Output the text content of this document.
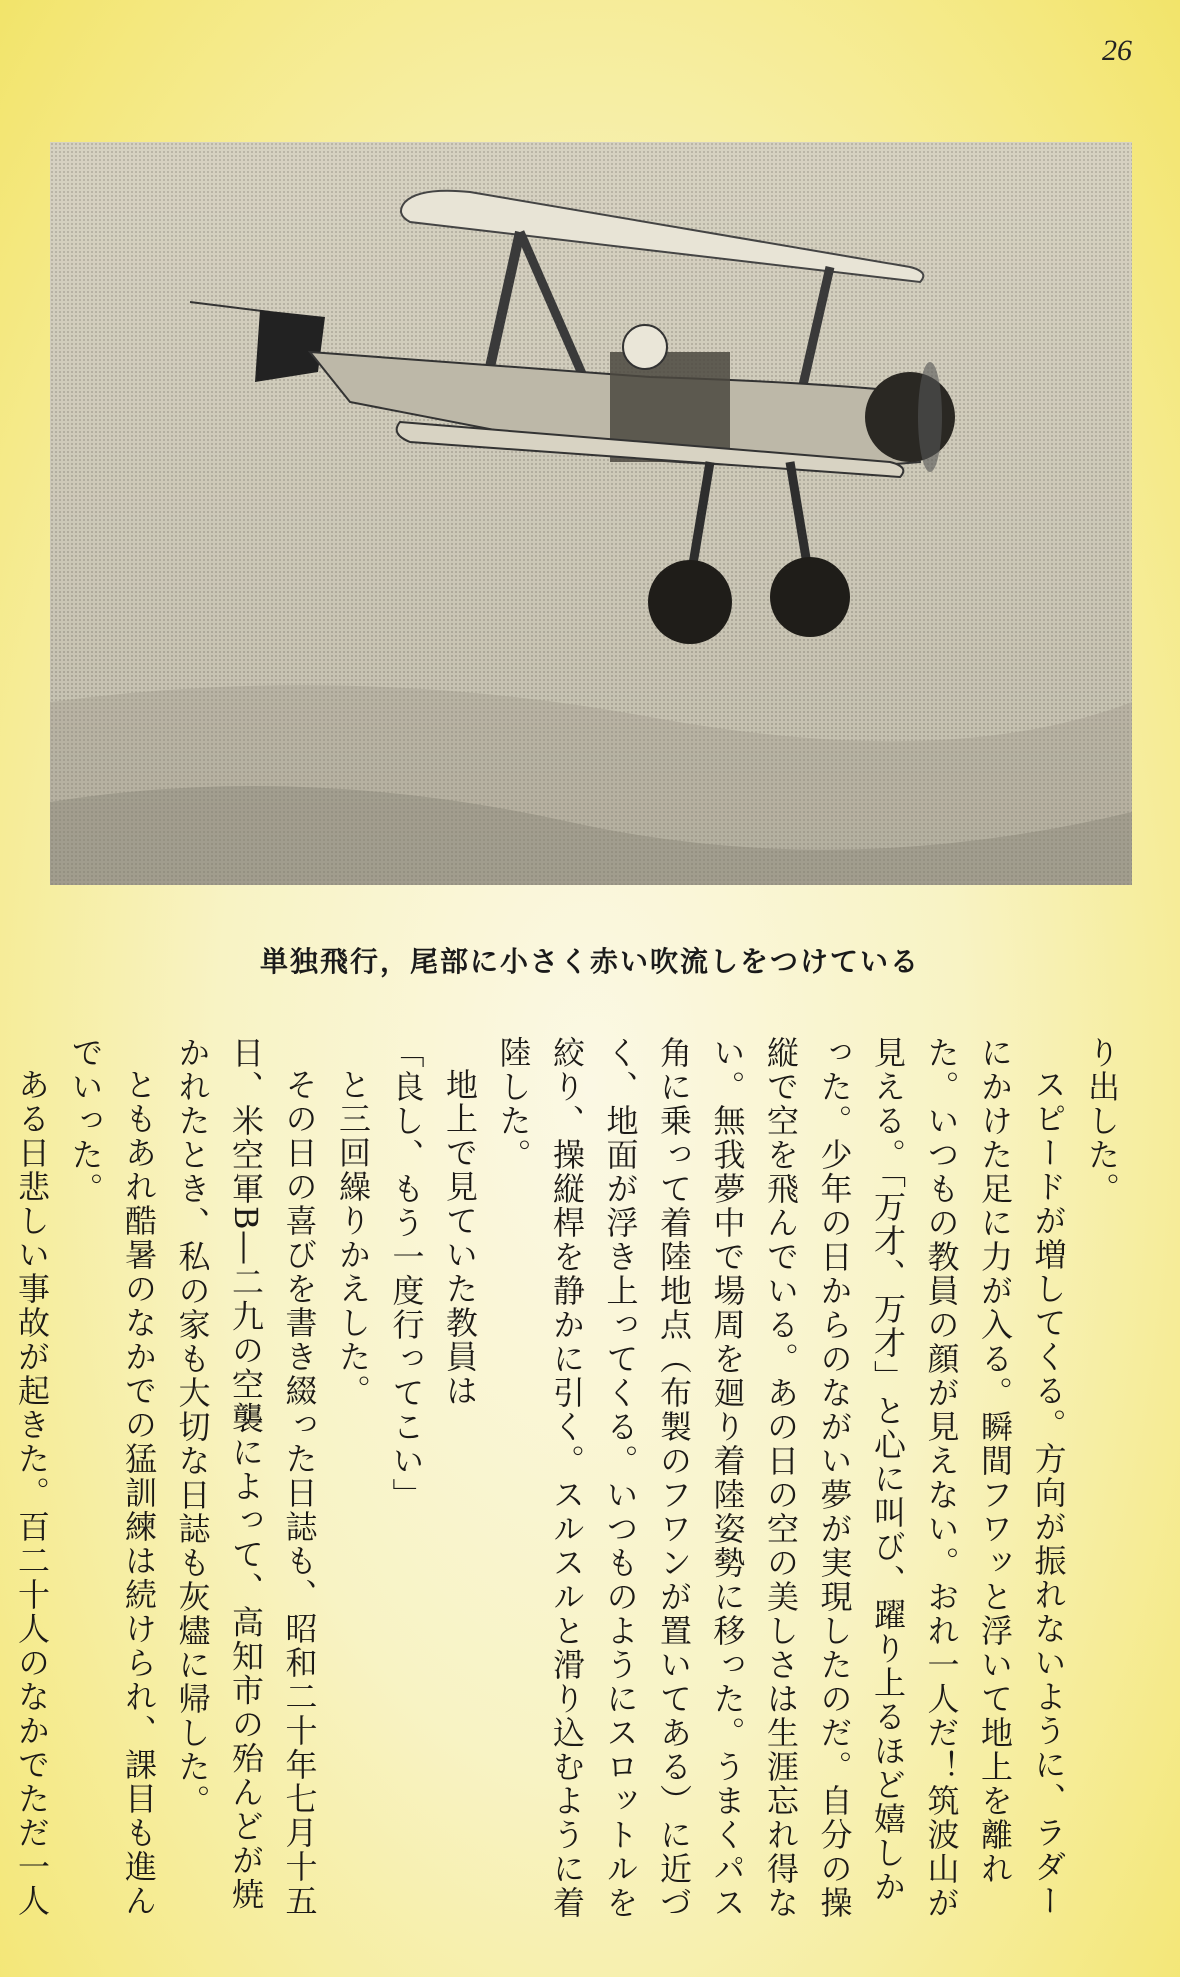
26
単独飛行，尾部に小さく赤い吹流しをつけている

り出した。

スピードが増してくる。方向が振れないように、ラダーにかけた足に力が入る。瞬間フワッと浮いて地上を離れた。いつもの教員の顔が見えない。おれ一人だ！筑波山が見える。「万才、万才」と心に叫び、躍り上るほど嬉しかった。少年の日からのながい夢が実現したのだ。自分の操縦で空を飛んでいる。あの日の空の美しさは生涯忘れ得ない。無我夢中で場周を廻り着陸姿勢に移った。うまくパス角に乗って着陸地点（布製のフワンが置いてある）に近づく、地面が浮き上ってくる。いつものようにスロットルを絞り、操縦桿を静かに引く。スルスルと滑り込むように着陸した。

地上で見ていた教員は

「良し、もう一度行ってこい」

と三回繰りかえした。

その日の喜びを書き綴った日誌も、昭和二十年七月十五日、米空軍B―二九の空襲によって、高知市の殆んどが焼かれたとき、私の家も大切な日誌も灰燼に帰した。

ともあれ酷暑のなかでの猛訓練は続けられ、課目も進んでいった。

ある日悲しい事故が起きた。百二十人のなかでただ一人
